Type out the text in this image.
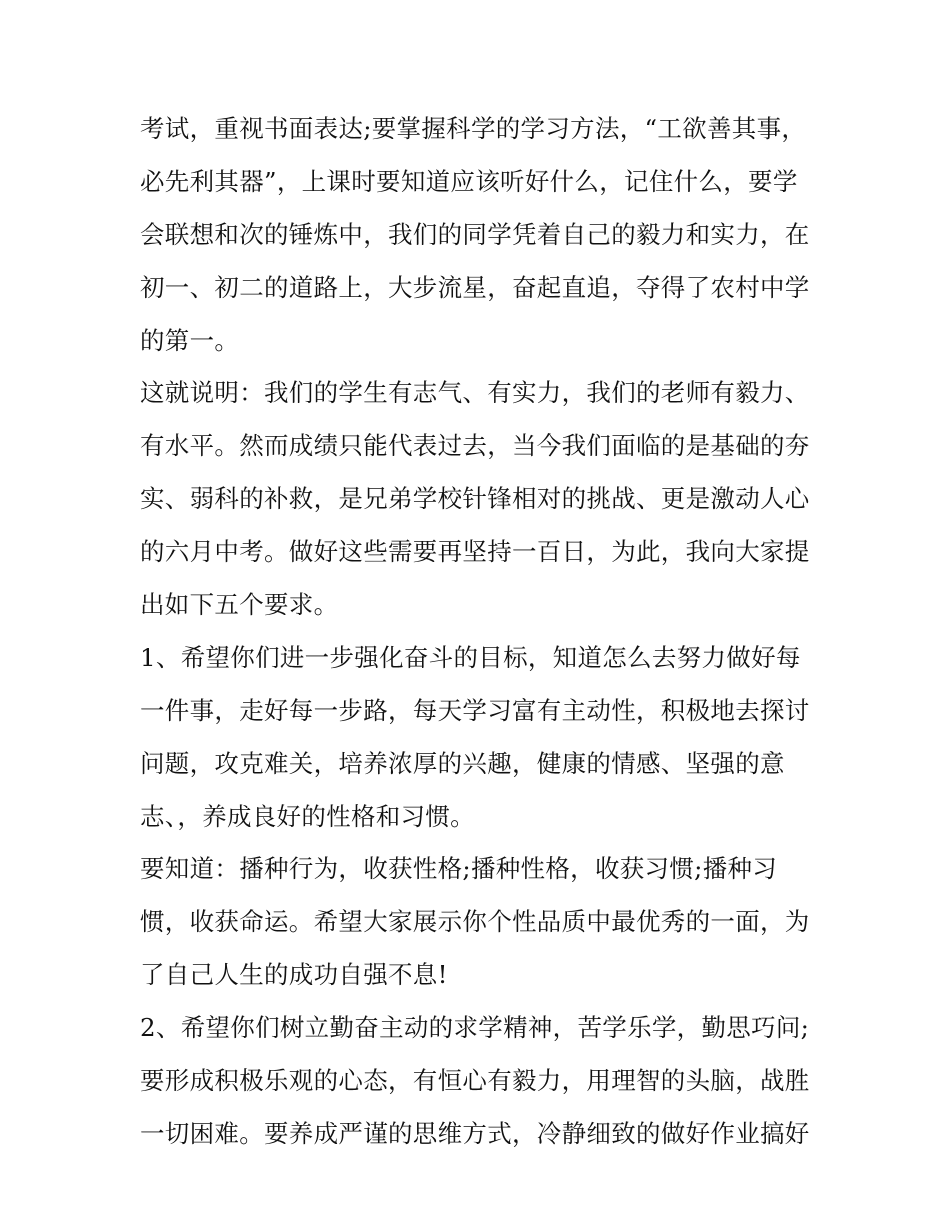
考试，重视书面表达;要掌握科学的学习方法，“工欲善其事，
必先利其器”，上课时要知道应该听好什么，记住什么，要学
会联想和次的锤炼中，我们的同学凭着自己的毅力和实力，在
初一、初二的道路上，大步流星，奋起直追，夺得了农村中学
的第一。
这就说明：我们的学生有志气、有实力，我们的老师有毅力、
有水平。然而成绩只能代表过去，当今我们面临的是基础的夯
实、弱科的补救，是兄弟学校针锋相对的挑战、更是激动人心
的六月中考。做好这些需要再坚持一百日，为此，我向大家提
出如下五个要求。
1、希望你们进一步强化奋斗的目标，知道怎么去努力做好每
一件事，走好每一步路，每天学习富有主动性，积极地去探讨
问题，攻克难关，培养浓厚的兴趣，健康的情感、坚强的意
志、，养成良好的性格和习惯。
要知道：播种行为，收获性格;播种性格，收获习惯;播种习
惯，收获命运。希望大家展示你个性品质中最优秀的一面，为
了自己人生的成功自强不息!
2、希望你们树立勤奋主动的求学精神，苦学乐学，勤思巧问;
要形成积极乐观的心态，有恒心有毅力，用理智的头脑，战胜
一切困难。要养成严谨的思维方式，冷静细致的做好作业搞好
